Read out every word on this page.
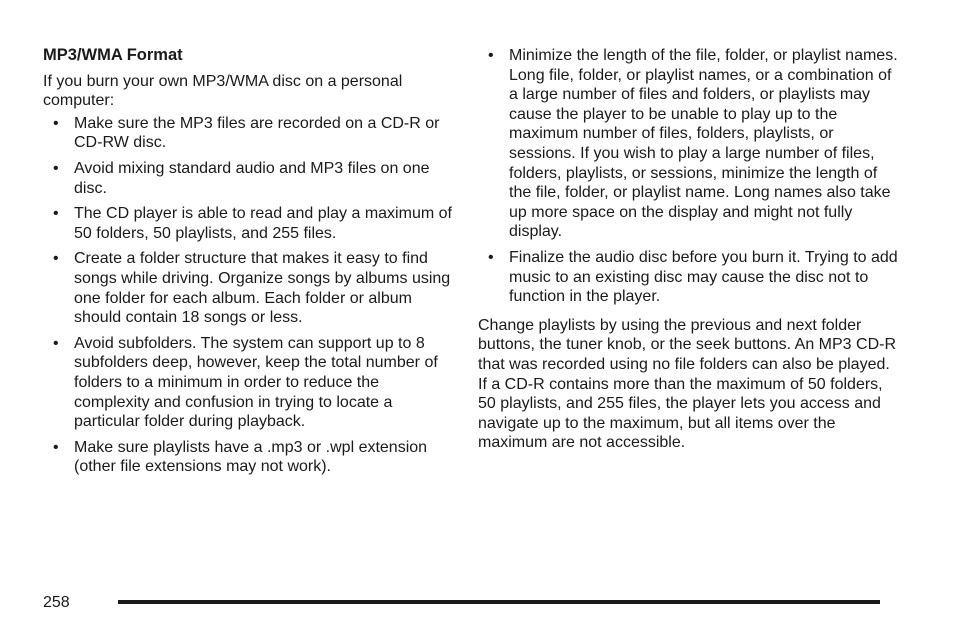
MP3/WMA Format

If you burn your own MP3/WMA disc on a personal computer:

• Make sure the MP3 files are recorded on a CD-R or CD-RW disc.
• Avoid mixing standard audio and MP3 files on one disc.
• The CD player is able to read and play a maximum of 50 folders, 50 playlists, and 255 files.
• Create a folder structure that makes it easy to find songs while driving. Organize songs by albums using one folder for each album. Each folder or album should contain 18 songs or less.
• Avoid subfolders. The system can support up to 8 subfolders deep, however, keep the total number of folders to a minimum in order to reduce the complexity and confusion in trying to locate a particular folder during playback.
• Make sure playlists have a .mp3 or .wpl extension (other file extensions may not work).
• Minimize the length of the file, folder, or playlist names. Long file, folder, or playlist names, or a combination of a large number of files and folders, or playlists may cause the player to be unable to play up to the maximum number of files, folders, playlists, or sessions. If you wish to play a large number of files, folders, playlists, or sessions, minimize the length of the file, folder, or playlist name. Long names also take up more space on the display and might not fully display.
• Finalize the audio disc before you burn it. Trying to add music to an existing disc may cause the disc not to function in the player.

Change playlists by using the previous and next folder buttons, the tuner knob, or the seek buttons. An MP3 CD-R that was recorded using no file folders can also be played. If a CD-R contains more than the maximum of 50 folders, 50 playlists, and 255 files, the player lets you access and navigate up to the maximum, but all items over the maximum are not accessible.

258
